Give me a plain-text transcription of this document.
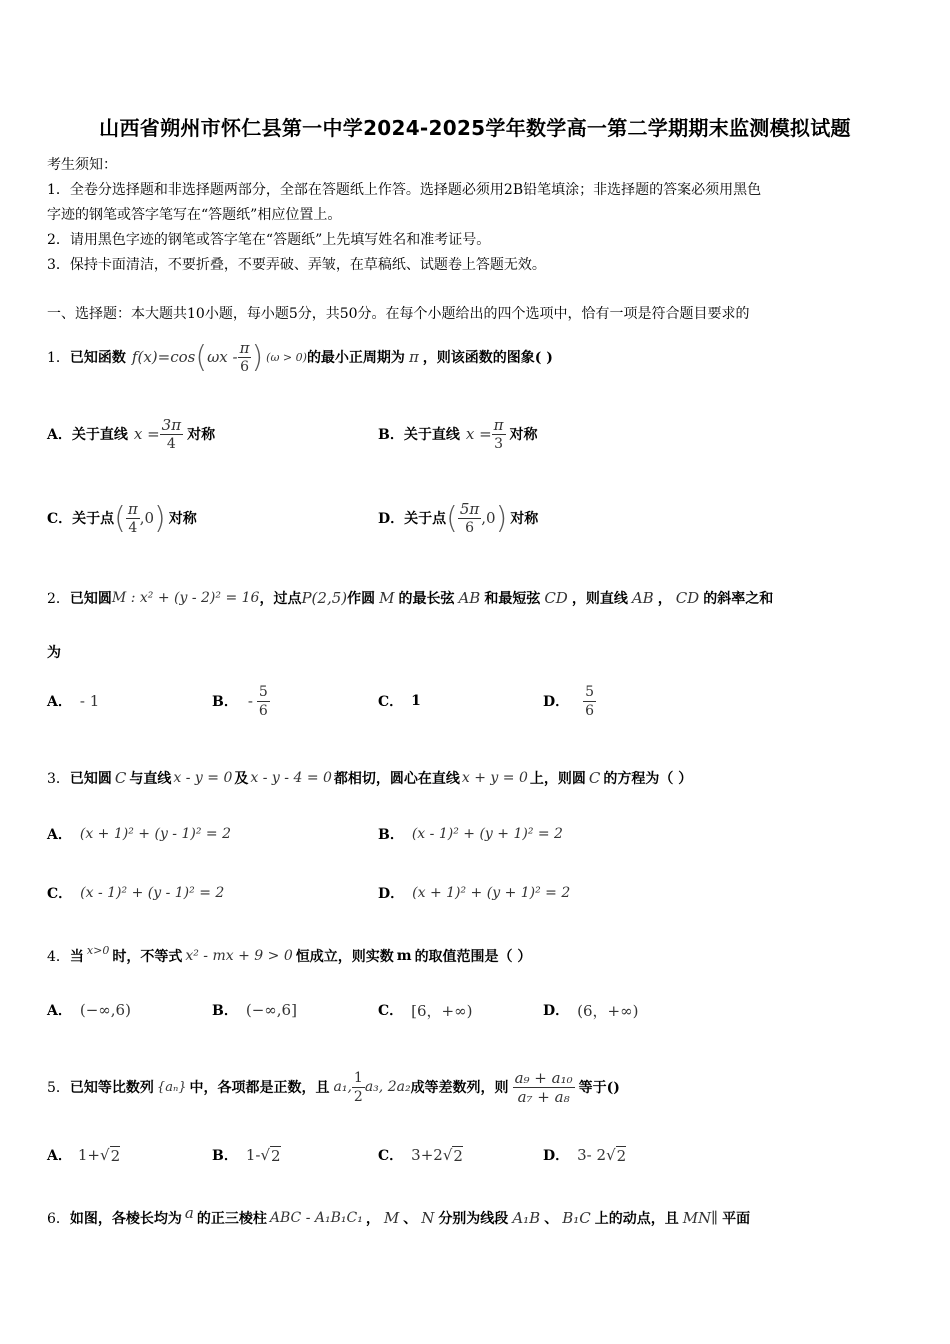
山西省朔州市怀仁县第一中学2024-2025学年数学高一第二学期期末监测模拟试题
考生须知：
1．全卷分选择题和非选择题两部分，全部在答题纸上作答。选择题必须用2B铅笔填涂；非选择题的答案必须用黑色
字迹的钢笔或答字笔写在“答题纸”相应位置上。
2．请用黑色字迹的钢笔或答字笔在“答题纸”上先填写姓名和准考证号。
3．保持卡面清洁，不要折叠，不要弄破、弄皱，在草稿纸、试题卷上答题无效。
一、选择题：本大题共10小题，每小题5分，共50分。在每个小题给出的四个选项中，恰有一项是符合题目要求的
1． 已知函数 f(x)=cos ( ωx - $\frac{\pi}{6}$ ) (ω > 0) 的最小正周期为 π ，则该函数的图象( )
A． 关于直线 $x = \frac{3\pi}{4}$ 对称	B． 关于直线 $x = \frac{\pi}{3}$ 对称
C． 关于点 ( $\frac{\pi}{4} ,0$ ) 对称	D． 关于点 ( $\frac{5\pi}{6} ,0$ ) 对称
2． 已知圆 M : x² + (y - 2)² = 16 ，过点 P(2,5) 作圆 M 的最长弦 AB 和最短弦 CD ，则直线 AB ， CD 的斜率之和
为
A． - 1	B． - $\frac{5}{6}$	C． 1	D． $\frac{5}{6}$
3． 已知圆 C 与直线 x - y = 0 及 x - y - 4 = 0 都相切，圆心在直线 x + y = 0 上，则圆 C 的方程为（ ）
A． (x + 1)² + (y - 1)² = 2	B． (x - 1)² + (y + 1)² = 2
C． (x - 1)² + (y - 1)² = 2	D． (x + 1)² + (y + 1)² = 2
4． 当 x>0 时，不等式 x² - mx + 9 > 0 恒成立，则实数 m 的取值范围是（ ）
A． (−∞,6)	B． (−∞,6]	C． [6，+∞)	D． (6，+∞)
5． 已知等比数列 {aₙ} 中，各项都是正数，且 a₁, $\frac{1}{2} a_3$, 2a₂ 成等差数列，则 $\frac{\text{a₉ + a₁₀}}{\text{a₇ + a₈}}$ 等于()
A． 1+ √ 2	B． 1- √ 2	C． 3+2 √ 2	D． 3- 2 √ 2
6． 如图，各棱长均为 a 的正三棱柱 ABC - A₁B₁C₁ ， M 、 N 分别为线段 A₁B 、 B₁C 上的动点，且 MN∥ 平面
